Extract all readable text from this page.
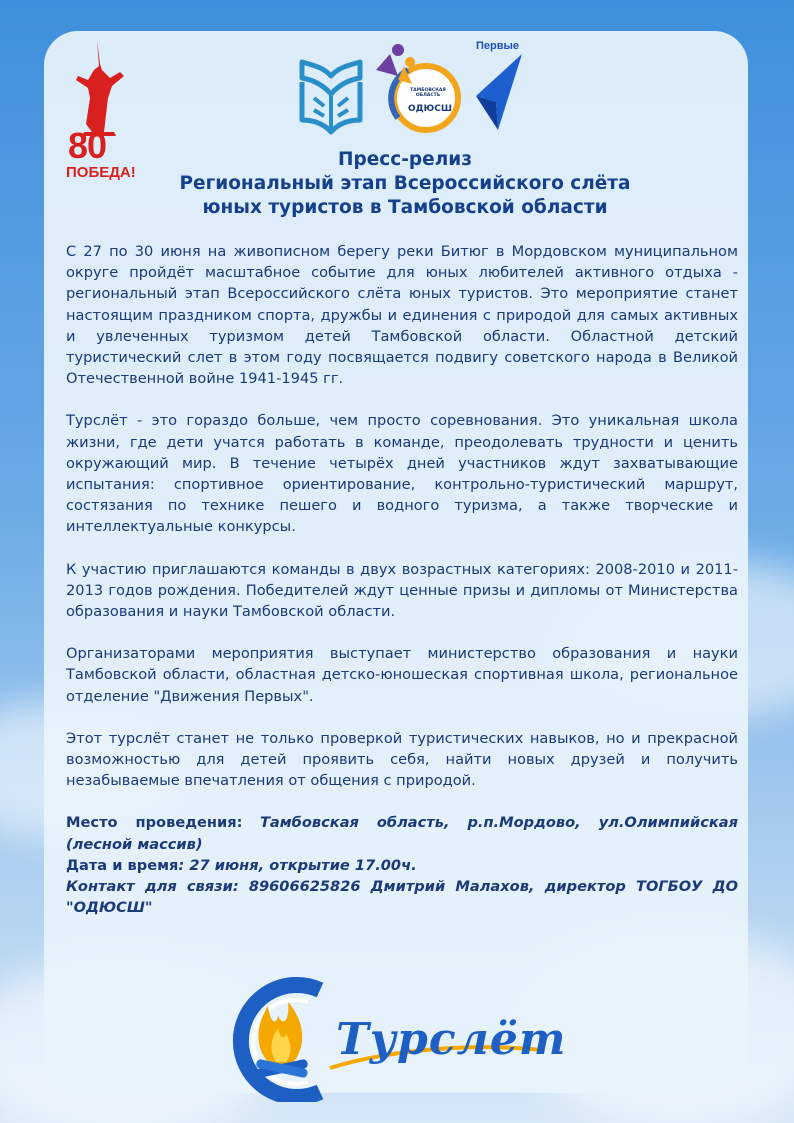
80
ПОБЕДА!
ТАМБОВСКАЯ ОБЛАСТЬ
ОДЮСШ
Первые
Пресс-релиз
Региональный этап Всероссийского слёта
юных туристов в Тамбовской области

С 27 по 30 июня на живописном берегу реки Битюг в Мордовском муниципальном округе пройдёт масштабное событие для юных любителей активного отдыха - региональный этап Всероссийского слёта юных туристов. Это мероприятие станет настоящим праздником спорта, дружбы и единения с природой для самых активных и увлеченных туризмом детей Тамбовской области. Областной детский туристический слет в этом году посвящается подвигу советского народа в Великой Отечественной войне 1941-1945 гг.

Турслёт - это гораздо больше, чем просто соревнования. Это уникальная школа жизни, где дети учатся работать в команде, преодолевать трудности и ценить окружающий мир. В течение четырёх дней участников ждут захватывающие испытания: спортивное ориентирование, контрольно-туристический маршрут, состязания по технике пешего и водного туризма, а также творческие и интеллектуальные конкурсы.

К участию приглашаются команды в двух возрастных категориях: 2008-2010 и 2011-2013 годов рождения. Победителей ждут ценные призы и дипломы от Министерства образования и науки Тамбовской области.

Организаторами мероприятия выступает министерство образования и науки Тамбовской области, областная детско-юношеская спортивная школа, региональное отделение "Движения Первых".

Этот турслёт станет не только проверкой туристических навыков, но и прекрасной возможностью для детей проявить себя, найти новых друзей и получить незабываемые впечатления от общения с природой.

Место проведения: Тамбовская область, р.п.Мордово, ул.Олимпийская (лесной массив)
Дата и время: 27 июня, открытие 17.00ч.
Контакт для связи: 89606625826 Дмитрий Малахов, директор ТОГБОУ ДО "ОДЮСШ"
Турслёт
